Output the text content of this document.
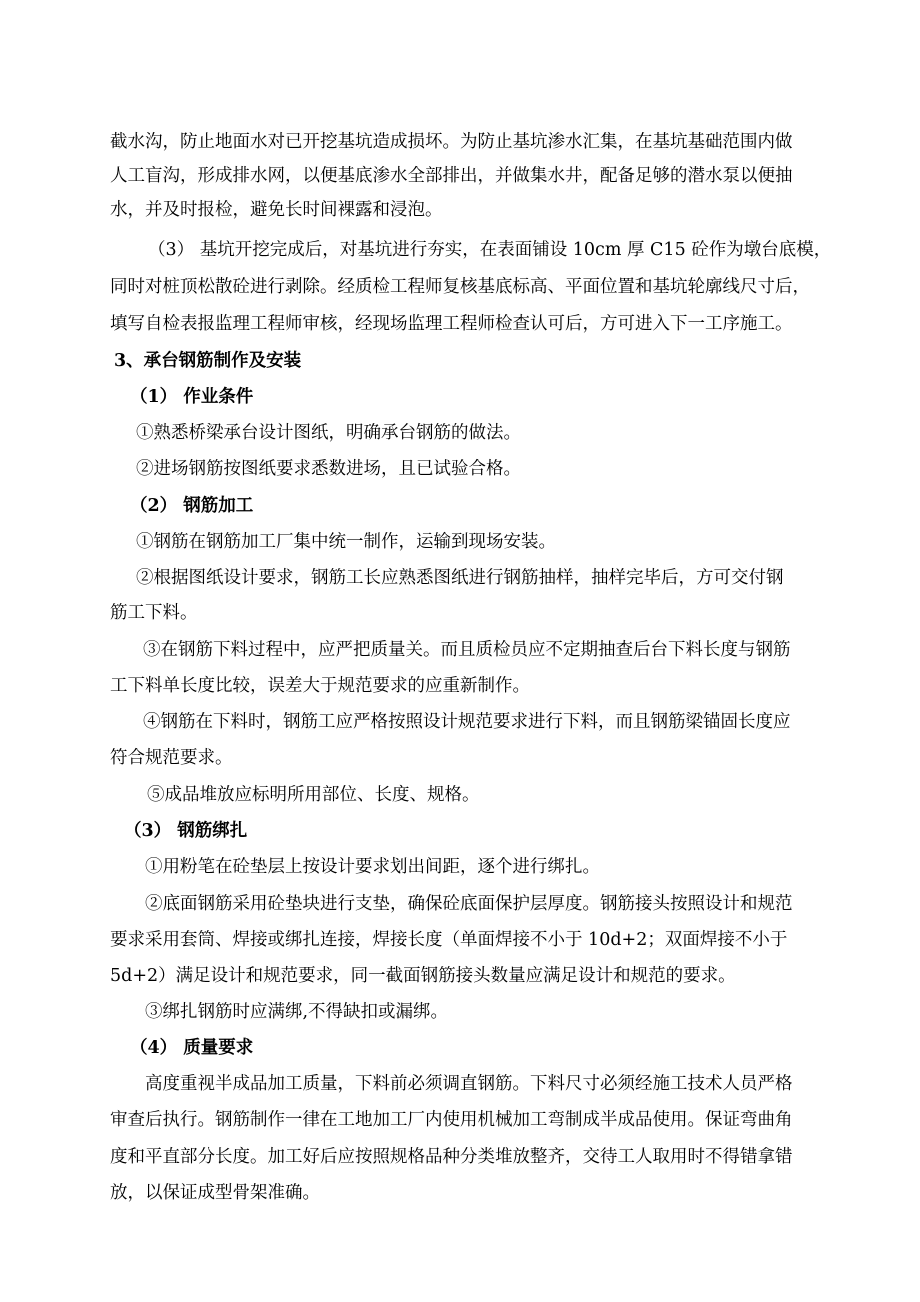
截水沟，防止地面水对已开挖基坑造成损坏。为防止基坑渗水汇集，在基坑基础范围内做
人工盲沟，形成排水网，以便基底渗水全部排出，并做集水井，配备足够的潜水泵以便抽
水，并及时报检，避免长时间裸露和浸泡。
（3） 基坑开挖完成后，对基坑进行夯实，在表面铺设 10cm 厚 C15 砼作为墩台底模，
同时对桩顶松散砼进行剥除。经质检工程师复核基底标高、平面位置和基坑轮廓线尺寸后，
填写自检表报监理工程师审核，经现场监理工程师检查认可后，方可进入下一工序施工。
3、承台钢筋制作及安装
（1） 作业条件
①熟悉桥梁承台设计图纸，明确承台钢筋的做法。
②进场钢筋按图纸要求悉数进场，且已试验合格。
（2） 钢筋加工
①钢筋在钢筋加工厂集中统一制作，运输到现场安装。
②根据图纸设计要求，钢筋工长应熟悉图纸进行钢筋抽样，抽样完毕后，方可交付钢
筋工下料。
③在钢筋下料过程中，应严把质量关。而且质检员应不定期抽查后台下料长度与钢筋
工下料单长度比较，误差大于规范要求的应重新制作。
④钢筋在下料时，钢筋工应严格按照设计规范要求进行下料，而且钢筋梁锚固长度应
符合规范要求。
⑤成品堆放应标明所用部位、长度、规格。
（3） 钢筋绑扎
①用粉笔在砼垫层上按设计要求划出间距，逐个进行绑扎。
②底面钢筋采用砼垫块进行支垫，确保砼底面保护层厚度。钢筋接头按照设计和规范
要求采用套筒、焊接或绑扎连接，焊接长度（单面焊接不小于 10d+2；双面焊接不小于
5d+2）满足设计和规范要求，同一截面钢筋接头数量应满足设计和规范的要求。
③绑扎钢筋时应满绑,不得缺扣或漏绑。
（4） 质量要求
高度重视半成品加工质量，下料前必须调直钢筋。下料尺寸必须经施工技术人员严格
审查后执行。钢筋制作一律在工地加工厂内使用机械加工弯制成半成品使用。保证弯曲角
度和平直部分长度。加工好后应按照规格品种分类堆放整齐，交待工人取用时不得错拿错
放，以保证成型骨架准确。
